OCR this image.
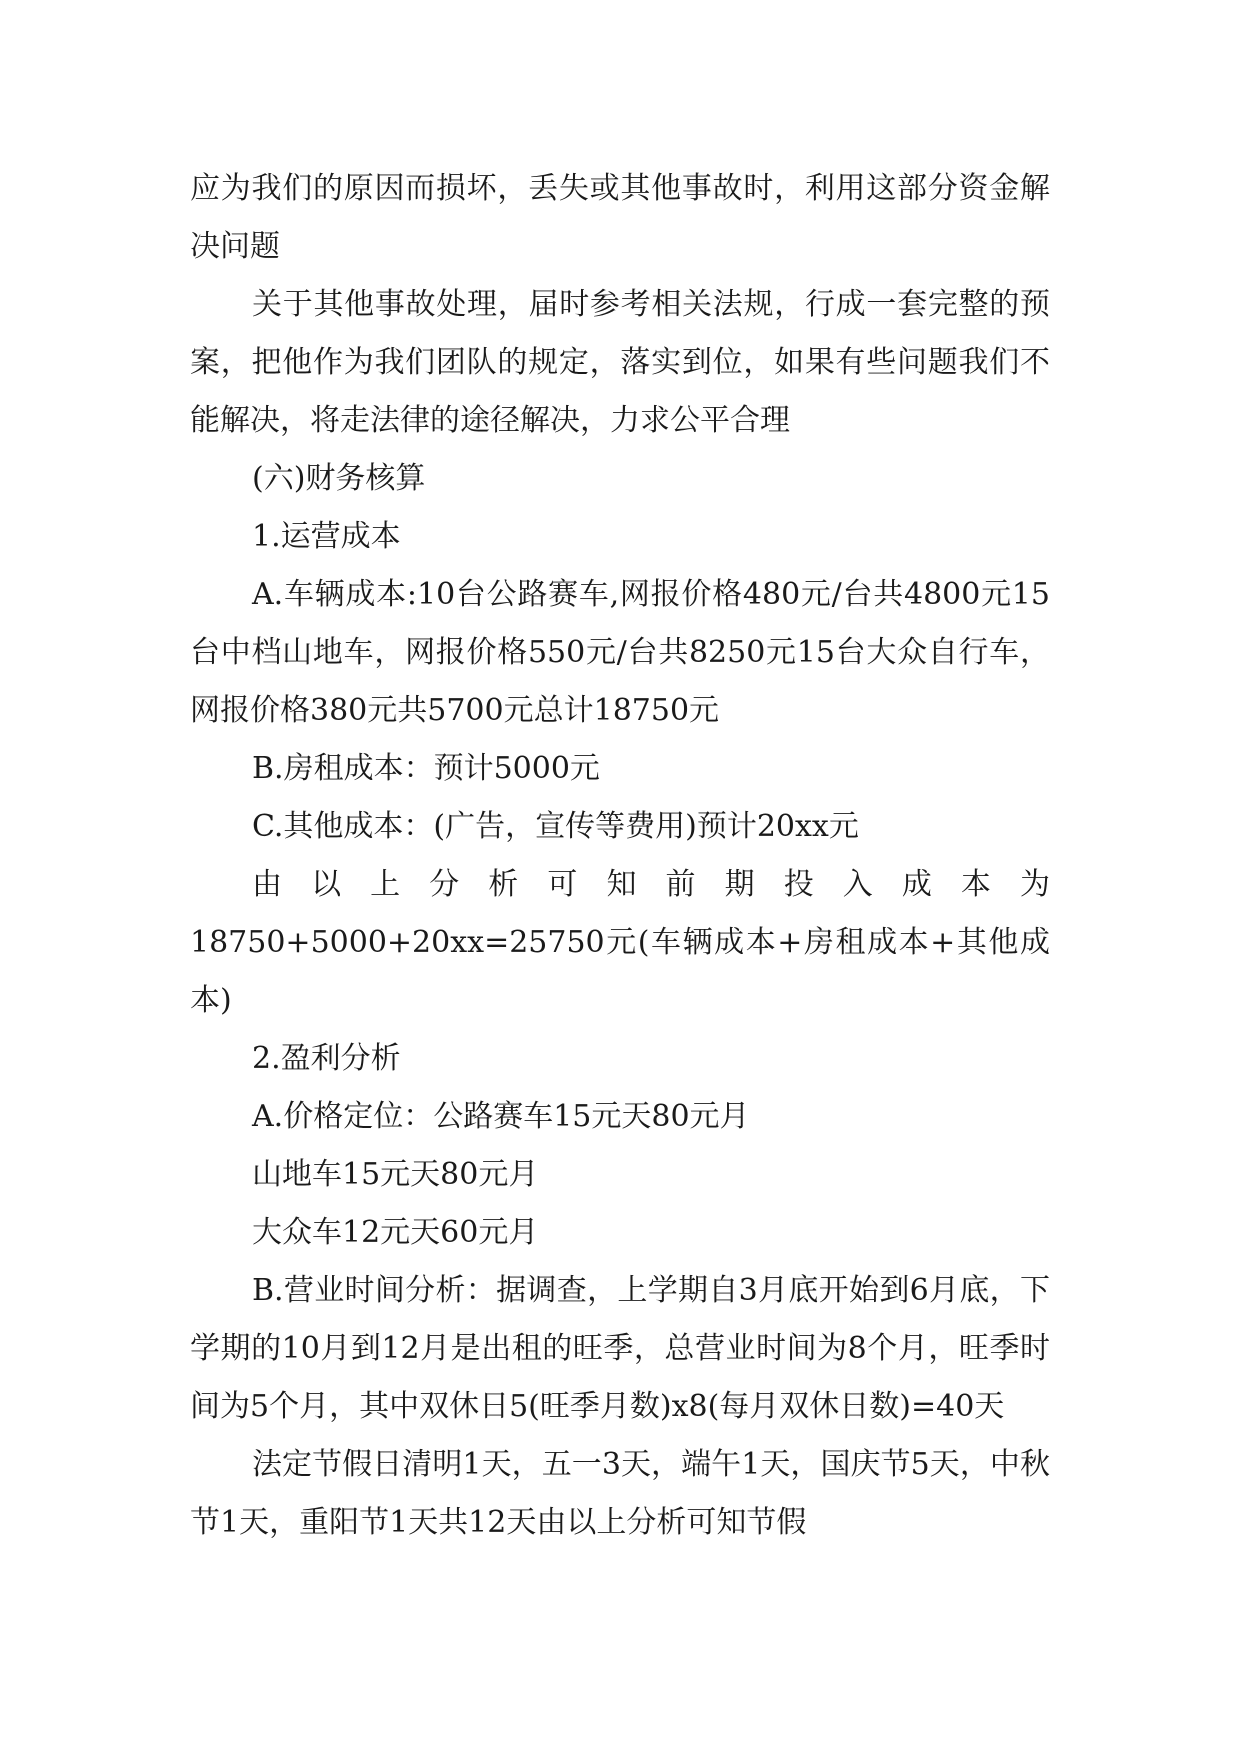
应为我们的原因而损坏，丢失或其他事故时，利用这部分资金解决问题

关于其他事故处理，届时参考相关法规，行成一套完整的预案，把他作为我们团队的规定，落实到位，如果有些问题我们不能解决，将走法律的途径解决，力求公平合理

(六)财务核算

1.运营成本

A.车辆成本:10台公路赛车,网报价格480元/台共4800元15台中档山地车，网报价格550元/台共8250元15台大众自行车，网报价格380元共5700元总计18750元

B.房租成本：预计5000元

C.其他成本：(广告，宣传等费用)预计20xx元

由以上分析可知前期投入成本为

18750+5000+20xx=25750元(车辆成本+房租成本+其他成本)

2.盈利分析

A.价格定位：公路赛车15元天80元月

山地车15元天80元月

大众车12元天60元月

B.营业时间分析：据调查，上学期自3月底开始到6月底，下学期的10月到12月是出租的旺季，总营业时间为8个月，旺季时间为5个月，其中双休日5(旺季月数)x8(每月双休日数)=40天

法定节假日清明1天，五一3天，端午1天，国庆节5天，中秋节1天，重阳节1天共12天由以上分析可知节假
